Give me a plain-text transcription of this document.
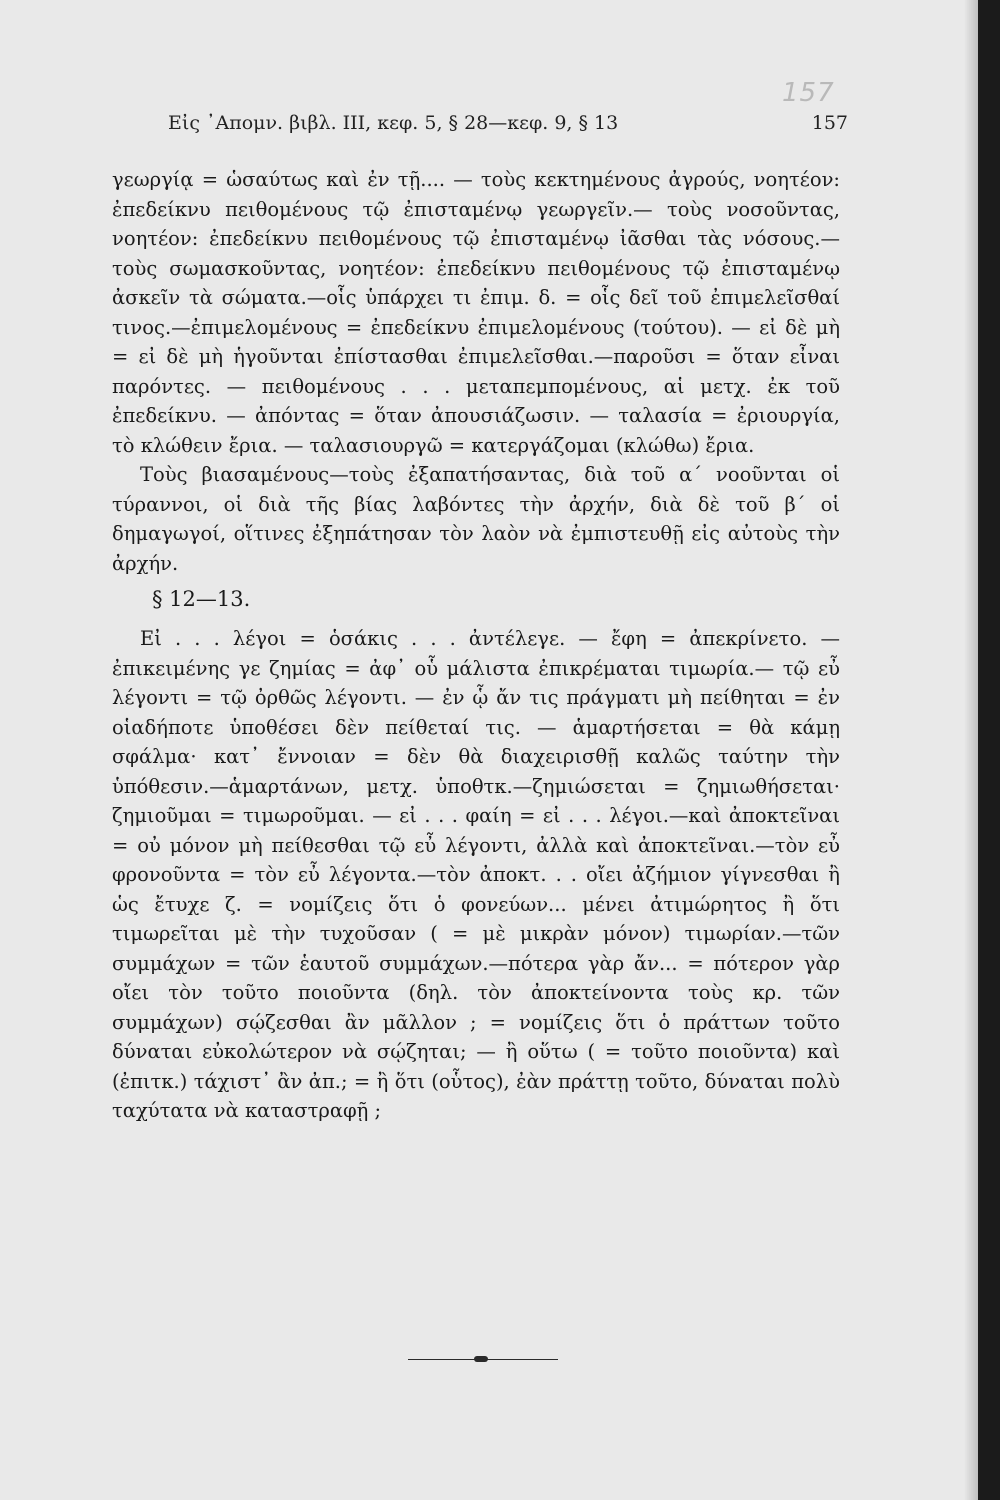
157
Εἰς ᾿Απομν. βιβλ. III, κεφ. 5, § 28—κεφ. 9, § 13	157

γεωργίᾳ = ὡσαύτως καὶ ἐν τῇ.... — τοὺς κεκτημένους ἀγρούς, νοητέον: ἐπεδείκνυ πειθομένους τῷ ἐπισταμένῳ γεωργεῖν.— τοὺς νοσοῦντας, νοητέον: ἐπεδείκνυ πειθομένους τῷ ἐπισταμένῳ ἰᾶσθαι τὰς νόσους.— τοὺς σωμασκοῦντας, νοητέον: ἐπεδείκνυ πειθομένους τῷ ἐπισταμένῳ ἀσκεῖν τὰ σώματα.—οἷς ὑπάρχει τι ἐπιμ. δ. = οἷς δεῖ τοῦ ἐπιμελεῖσθαί τινος.—ἐπιμελομένους = ἐπεδείκνυ ἐπιμελομένους (τούτου). — εἰ δὲ μὴ = εἰ δὲ μὴ ἡγοῦνται ἐπίστασθαι ἐπιμελεῖσθαι.—παροῦσι = ὅταν εἶναι παρόντες. — πειθομένους . . . μεταπεμπομένους, αἱ μετχ. ἐκ τοῦ ἐπεδείκνυ. — ἀπόντας = ὅταν ἀπουσιάζωσιν. — ταλασία = ἐριουργία, τὸ κλώθειν ἔρια. — ταλασιουργῶ = κατεργάζομαι (κλώθω) ἔρια.

Τοὺς βιασαμένους—τοὺς ἐξαπατήσαντας, διὰ τοῦ α´ νοοῦνται οἱ τύραννοι, οἱ διὰ τῆς βίας λαβόντες τὴν ἀρχήν, διὰ δὲ τοῦ β´ οἱ δημαγωγοί, οἵτινες ἐξηπάτησαν τὸν λαὸν νὰ ἐμπιστευθῇ εἰς αὐτοὺς τὴν ἀρχήν.

§ 12—13.

Εἰ . . . λέγοι = ὁσάκις . . . ἀντέλεγε. — ἔφη = ἀπεκρίνετο. — ἐπικειμένης γε ζημίας = ἀφ᾿ οὗ μάλιστα ἐπικρέμαται τιμωρία.— τῷ εὖ λέγοντι = τῷ ὀρθῶς λέγοντι. — ἐν ᾧ ἄν τις πράγματι μὴ πείθηται = ἐν οἱαδήποτε ὑποθέσει δὲν πείθεταί τις. — ἁμαρτήσεται = θὰ κάμῃ σφάλμα· κατ᾿ ἔννοιαν = δὲν θὰ διαχειρισθῇ καλῶς ταύτην τὴν ὑπόθεσιν.—ἁμαρτάνων, μετχ. ὑποθτκ.—ζημιώσεται = ζημιωθήσεται· ζημιοῦμαι = τιμωροῦμαι. — εἰ . . . φαίη = εἰ . . . λέγοι.—καὶ ἀποκτεῖναι = οὐ μόνον μὴ πείθεσθαι τῷ εὖ λέγοντι, ἀλλὰ καὶ ἀποκτεῖναι.—τὸν εὖ φρονοῦντα = τὸν εὖ λέγοντα.—τὸν ἀποκτ. . . οἴει ἀζήμιον γίγνεσθαι ἢ ὡς ἔτυχε ζ. = νομίζεις ὅτι ὁ φονεύων... μένει ἀτιμώρητος ἢ ὅτι τιμωρεῖται μὲ τὴν τυχοῦσαν ( = μὲ μικρὰν μόνον) τιμωρίαν.—τῶν συμμάχων = τῶν ἑαυτοῦ συμμάχων.—πότερα γὰρ ἄν... = πότερον γὰρ οἴει τὸν τοῦτο ποιοῦντα (δηλ. τὸν ἀποκτείνοντα τοὺς κρ. τῶν συμμάχων) σῴζεσθαι ἂν μᾶλλον ; = νομίζεις ὅτι ὁ πράττων τοῦτο δύναται εὐκολώτερον νὰ σῴζηται; — ἢ οὕτω ( = τοῦτο ποιοῦντα) καὶ (ἐπιτκ.) τάχιστ᾿ ἂν ἀπ.; = ἢ ὅτι (οὗτος), ἐὰν πράττῃ τοῦτο, δύναται πολὺ ταχύτατα νὰ καταστραφῇ ;
